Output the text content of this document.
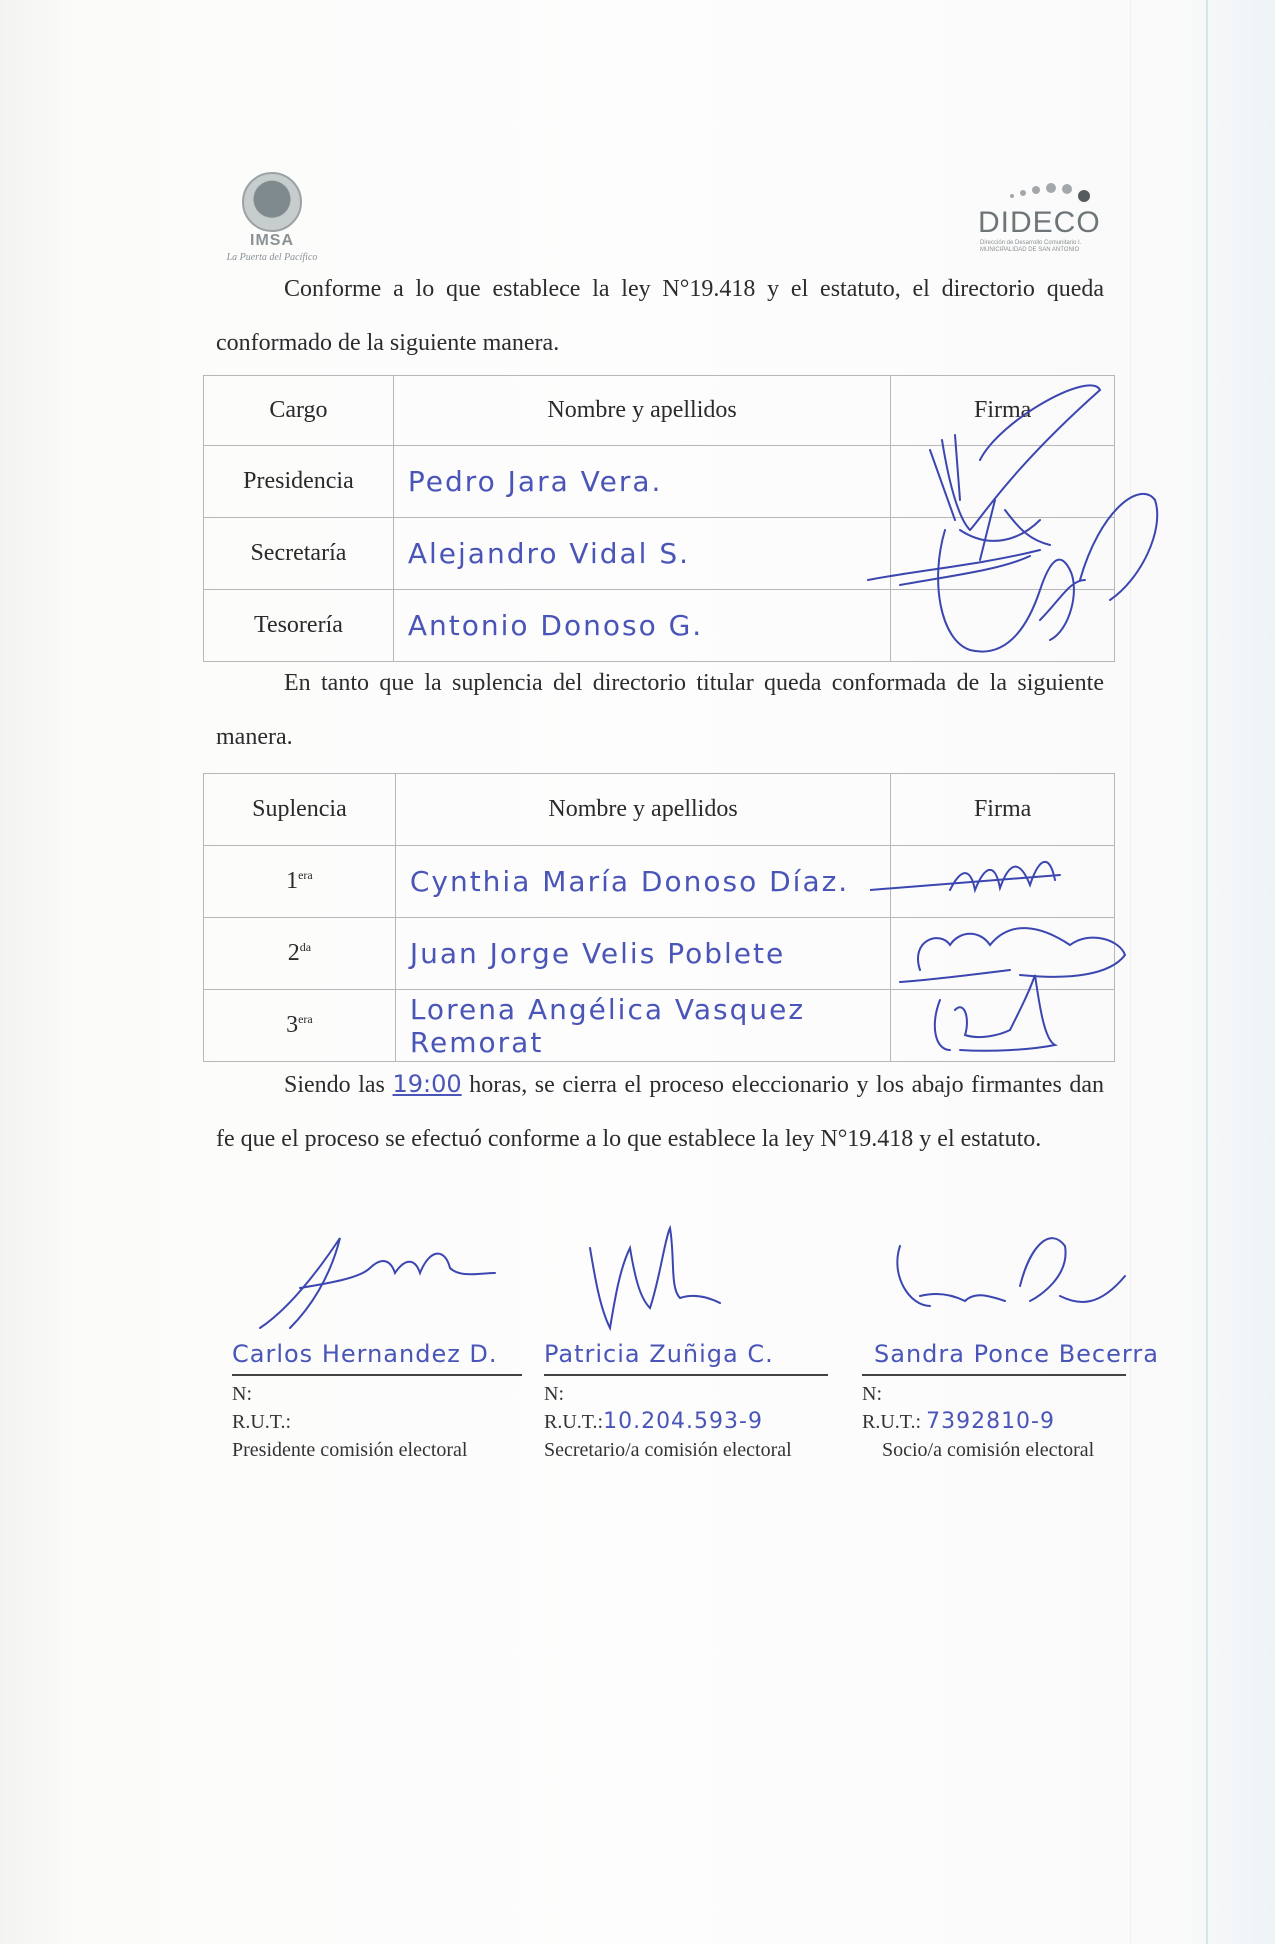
IMSA
La Puerta del Pacífico
DIDECO
Dirección de Desarrollo Comunitario I. MUNICIPALIDAD DE SAN ANTONIO
Conforme a lo que establece la ley N°19.418 y el estatuto, el directorio queda conformado de la siguiente manera.
Cargo	Nombre y apellidos	Firma
Presidencia	Pedro Jara Vera.	
Secretaría	Alejandro Vidal S.	
Tesorería	Antonio Donoso G.	
En tanto que la suplencia del directorio titular queda conformada de la siguiente manera.
Suplencia	Nombre y apellidos	Firma
$1^{era}$	Cynthia María Donoso Díaz.	
$2^{da}$	Juan Jorge Velis Poblete	
$3^{era}$	Lorena Angélica Vasquez Remorat	
Siendo las 19:00 horas, se cierra el proceso eleccionario y los abajo firmantes dan fe que el proceso se efectuó conforme a lo que establece la ley N°19.418 y el estatuto.
Carlos Hernandez D.
N:
R.U.T.:
Presidente comisión electoral
Patricia Zuñiga C.
N:
R.U.T.:10.204.593-9
Secretario/a comisión electoral
Sandra Ponce Becerra
N:
R.U.T.: 7392810-9
Socio/a comisión electoral
